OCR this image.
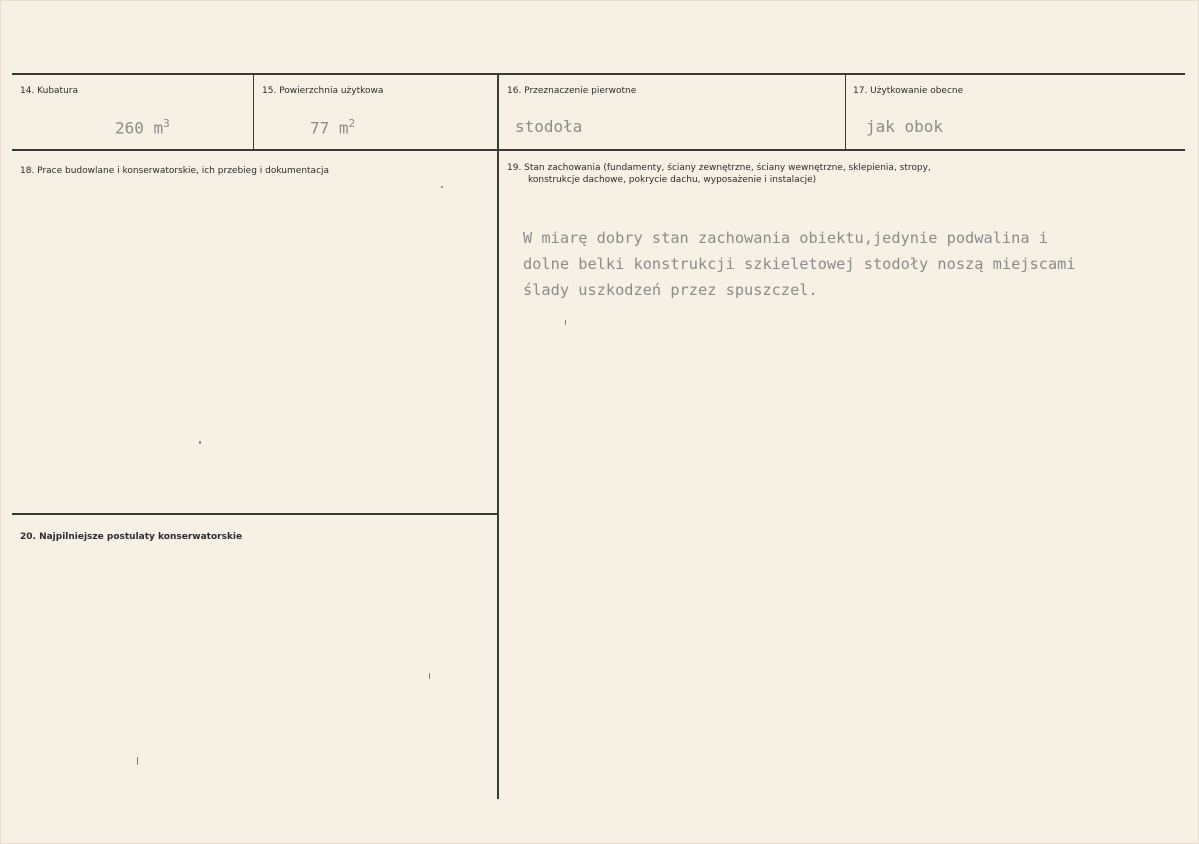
14. Kubatura
260 $m^3$
15. Powierzchnia użytkowa
77 $m^2$
16. Przeznaczenie pierwotne
stodoła
17. Użytkowanie obecne
jak obok
18. Prace budowlane i konserwatorskie, ich przebieg i dokumentacja	19. Stan zachowania (fundamenty, ściany zewnętrzne, ściany wewnętrzne, sklepienia, stropy,
konstrukcje dachowe, pokrycie dachu, wyposażenie i instalacje)
W miarę dobry stan zachowania obiektu,jedynie podwalina i
dolne belki konstrukcji szkieletowej stodoły noszą miejscami
ślady uszkodzeń przez spuszczel.
20. Najpilniejsze postulaty konserwatorskie
